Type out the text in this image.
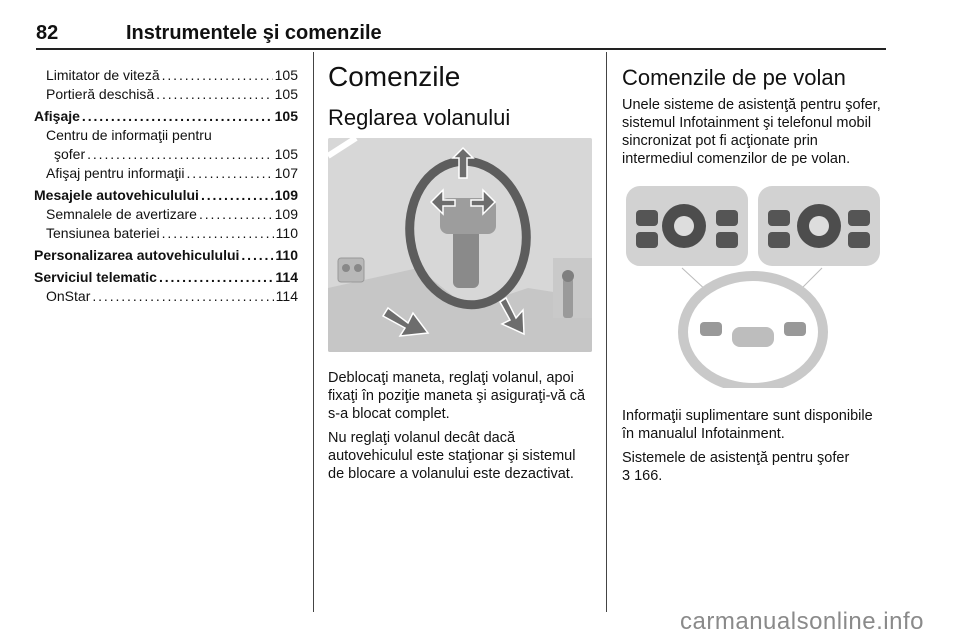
82	Instrumentele şi comenzile
Limitator de viteză . . .	105
Portieră deschisă . . .	105
Afişaje . . .	105
Centru de informaţii pentru
şofer . . .	105
Afişaj pentru informaţii . . .	107
Mesajele autovehiculului . . .	109
Semnalele de avertizare . . .	109
Tensiunea bateriei . . .	110
Personalizarea autovehiculului . . .	110
Serviciul telematic . . .	114
OnStar . . .	114
Comenzile
Reglarea volanului

Deblocaţi maneta, reglaţi volanul, apoi fixaţi în poziţie maneta şi asiguraţi-vă că s-a blocat complet.

Nu reglaţi volanul decât dacă autovehiculul este staţionar şi sistemul de blocare a volanului este dezactivat.

Comenzile de pe volan

Unele sisteme de asistenţă pentru şofer, sistemul Infotainment şi telefonul mobil sincronizat pot fi acţionate prin intermediul comenzilor de pe volan.

Informaţii suplimentare sunt disponibile în manualul Infotainment.

Sistemele de asistenţă pentru şofer

3 166.

carmanualsonline.info
